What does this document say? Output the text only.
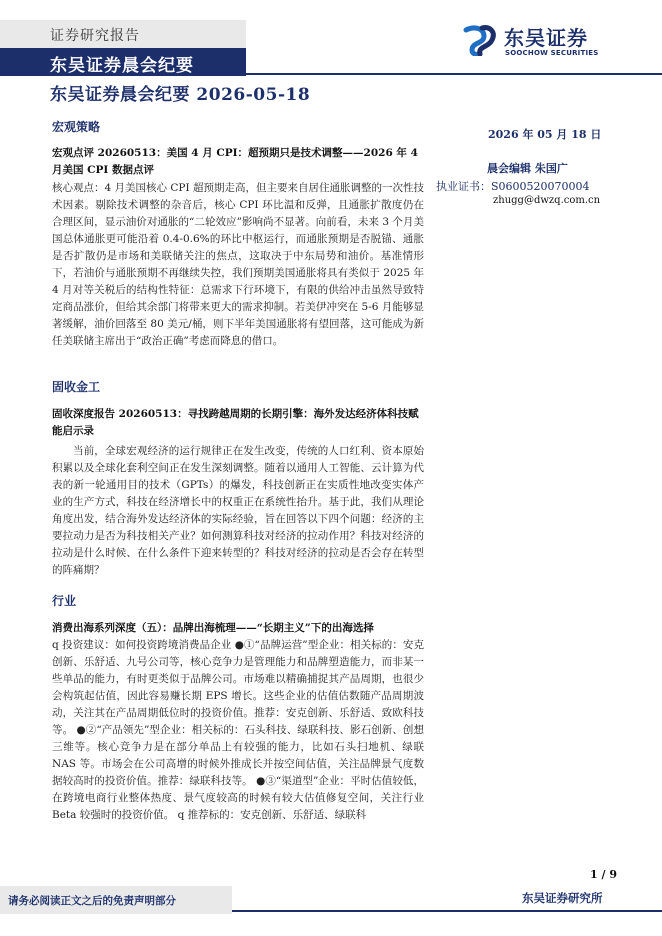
证券研究报告
东吴证券晨会纪要
东吴证券
SOOCHOW SECURITIES
东吴证券晨会纪要 2026-05-18
2026 年 05 月 18 日
晨会编辑 朱国广
执业证书：S0600520070004
zhugg@dwzq.com.cn
宏观策略
宏观点评 20260513：美国 4 月 CPI：超预期只是技术调整——2026 年 4 月美国 CPI 数据点评
核心观点：4 月美国核心 CPI 超预期走高，但主要来自居住通胀调整的一次性技术因素。剔除技术调整的杂音后，核心 CPI 环比温和反弹，且通胀扩散度仍在合理区间，显示油价对通胀的“二轮效应”影响尚不显著。向前看，未来 3 个月美国总体通胀更可能沿着 0.4-0.6%的环比中枢运行，而通胀预期是否脱锚、通胀是否扩散仍是市场和美联储关注的焦点，这取决于中东局势和油价。基准情形下，若油价与通胀预期不再继续失控，我们预期美国通胀将具有类似于 2025 年 4 月对等关税后的结构性特征：总需求下行环境下，有限的供给冲击虽然导致特定商品涨价，但给其余部门将带来更大的需求抑制。若美伊冲突在 5-6 月能够显著缓解，油价回落至 80 美元/桶，则下半年美国通胀将有望回落，这可能成为新任美联储主席出于“政治正确”考虑而降息的借口。
固收金工
固收深度报告 20260513：寻找跨越周期的长期引擎：海外发达经济体科技赋能启示录
当前，全球宏观经济的运行规律正在发生改变，传统的人口红利、资本原始积累以及全球化套利空间正在发生深刻调整。随着以通用人工智能、云计算为代表的新一轮通用目的技术（GPTs）的爆发，科技创新正在实质性地改变实体产业的生产方式，科技在经济增长中的权重正在系统性抬升。基于此，我们从理论角度出发，结合海外发达经济体的实际经验，旨在回答以下四个问题：经济的主要拉动力是否为科技相关产业？如何测算科技对经济的拉动作用？科技对经济的拉动是什么时候、在什么条件下迎来转型的？科技对经济的拉动是否会存在转型的阵痛期？
行业
消费出海系列深度（五）：品牌出海梳理——“长期主义”下的出海选择
q 投资建议：如何投资跨境消费品企业 ●①“品牌运营”型企业：相关标的：安克创新、乐舒适、九号公司等，核心竞争力是管理能力和品牌塑造能力，而非某一些单品的能力，有时更类似于品牌公司。市场难以精确捕捉其产品周期，也很少会构筑起估值，因此容易赚长期 EPS 增长。这些企业的估值估数随产品周期波动，关注其在产品周期低位时的投资价值。推荐：安克创新、乐舒适、致欧科技等。 ●②“产品领先”型企业：相关标的：石头科技、绿联科技、影石创新、创想三维等。核心竞争力是在部分单品上有较强的能力，比如石头扫地机、绿联 NAS 等。市场会在公司高增的时候外推成长并按空间估值，关注品牌景气度数据较高时的投资价值。推荐：绿联科技等。 ●③“渠道型”企业：平时估值较低，在跨境电商行业整体热度、景气度较高的时候有较大估值修复空间，关注行业 Beta 较强时的投资价值。 q 推荐标的：安克创新、乐舒适、绿联科
1 / 9
请务必阅读正文之后的免责声明部分	东吴证券研究所
